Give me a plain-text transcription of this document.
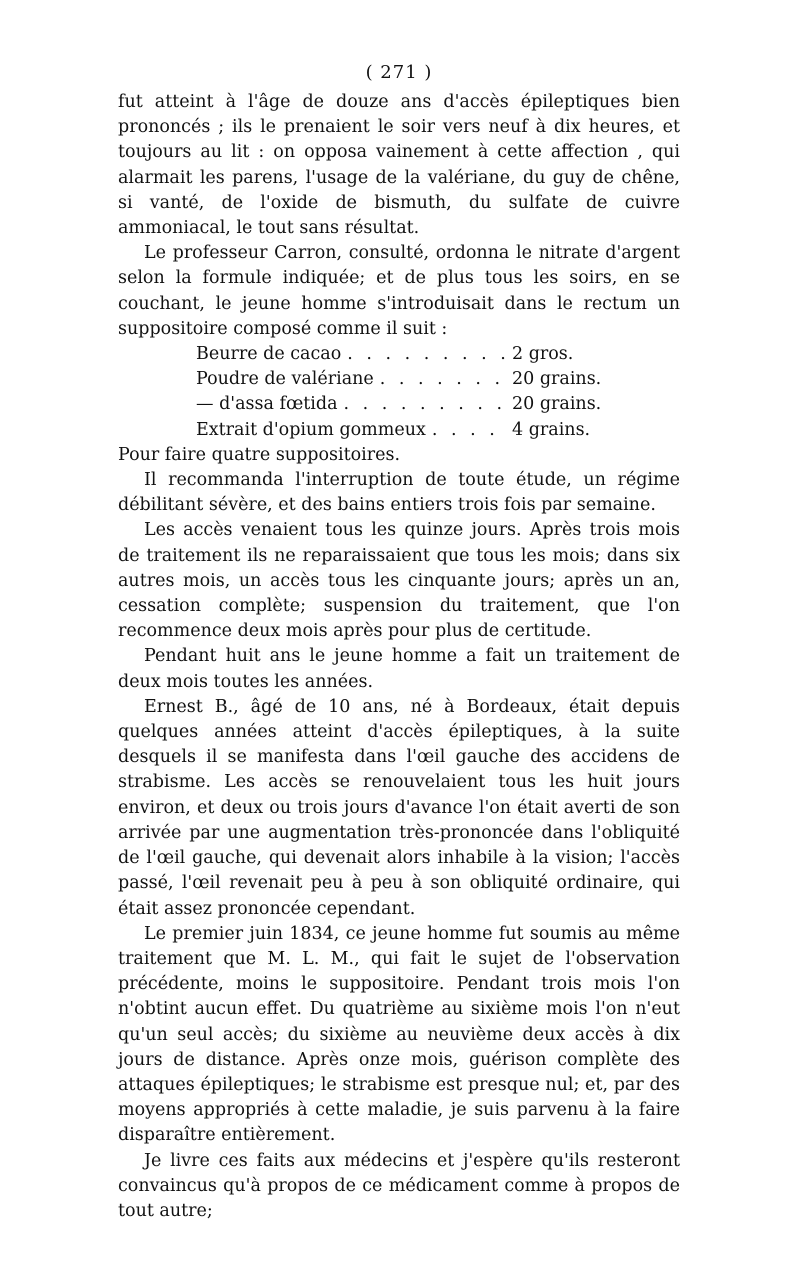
( 271 )

fut atteint à l'âge de douze ans d'accès épileptiques bien prononcés ; ils le prenaient le soir vers neuf à dix heures, et toujours au lit : on opposa vainement à cette affection , qui alarmait les parens, l'usage de la valériane, du guy de chêne, si vanté, de l'oxide de bismuth, du sulfate de cuivre ammoniacal, le tout sans résultat.

Le professeur Carron, consulté, ordonna le nitrate d'argent selon la formule indiquée; et de plus tous les soirs, en se couchant, le jeune homme s'introduisait dans le rectum un suppositoire composé comme il suit :

Beurre de cacao . . .	2 gros.
Poudre de valériane . . .	20 grains.
— d'assa fœtida . . .	20 grains.
Extrait d'opium gommeux . . .	4 grains.

Pour faire quatre suppositoires.

Il recommanda l'interruption de toute étude, un régime débilitant sévère, et des bains entiers trois fois par semaine.

Les accès venaient tous les quinze jours. Après trois mois de traitement ils ne reparaissaient que tous les mois; dans six autres mois, un accès tous les cinquante jours; après un an, cessation complète; suspension du traitement, que l'on recommence deux mois après pour plus de certitude.

Pendant huit ans le jeune homme a fait un traitement de deux mois toutes les années.

Ernest B., âgé de 10 ans, né à Bordeaux, était depuis quelques années atteint d'accès épileptiques, à la suite desquels il se manifesta dans l'œil gauche des accidens de strabisme. Les accès se renouvelaient tous les huit jours environ, et deux ou trois jours d'avance l'on était averti de son arrivée par une augmentation très-prononcée dans l'obliquité de l'œil gauche, qui devenait alors inhabile à la vision; l'accès passé, l'œil revenait peu à peu à son obliquité ordinaire, qui était assez prononcée cependant.

Le premier juin 1834, ce jeune homme fut soumis au même traitement que M. L. M., qui fait le sujet de l'observation précédente, moins le suppositoire. Pendant trois mois l'on n'obtint aucun effet. Du quatrième au sixième mois l'on n'eut qu'un seul accès; du sixième au neuvième deux accès à dix jours de distance. Après onze mois, guérison complète des attaques épileptiques; le strabisme est presque nul; et, par des moyens appropriés à cette maladie, je suis parvenu à la faire disparaître entièrement.

Je livre ces faits aux médecins et j'espère qu'ils resteront convaincus qu'à propos de ce médicament comme à propos de tout autre;
